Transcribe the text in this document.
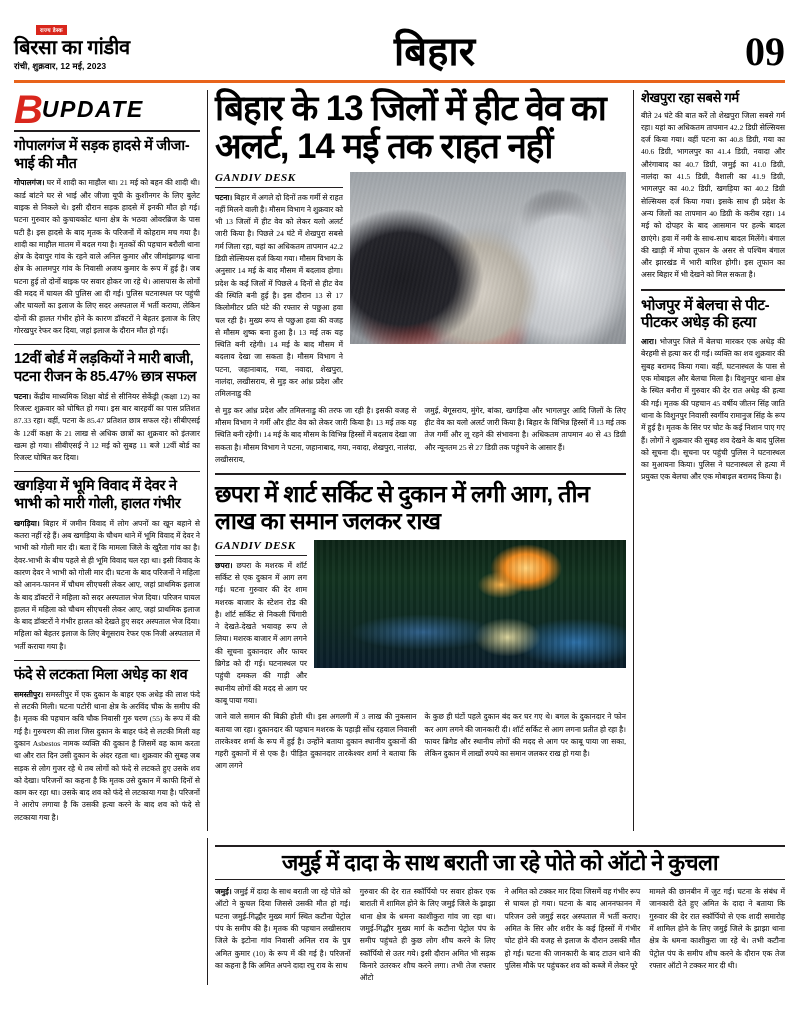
राज्य डेस्क
बिरसा का गांडीव
रांची, शुक्रवार, 12 मई, 2023	बिहार	09
B UPDATE
गोपालगंज में सड़क हादसे में जीजा-भाई की मौत

गोपालगंज। घर में शादी का माहौल था। 21 मई को बहन की शादी थी। कार्ड बांटने घर से भाई और जीजा यूपी के कुशीनगर के लिए बुलेट बाइक से निकले थे। इसी दौरान सड़क हादसे में इनकी मौत हो गई। घटना गुरुवार को कुचायकोट थाना क्षेत्र के भठवा ओवरब्रिज के पास घटी है। इस हादसे के बाद मृतक के परिजनों में कोहराम मच गया है। शादी का माहौल मातम में बदल गया है। मृतकों की पहचान बरौली थाना क्षेत्र के देवापुर गांव के रहने वाले अनिल कुमार और जीमांझागढ़ थाना क्षेत्र के आलमपुर गांव के निवासी अजय कुमार के रूप में हुई है। जब घटना हुई तो दोनों बाइक पर सवार होकर जा रहे थे। आसपास के लोगों की मदद में घायल की पुलिस आ दी गई। पुलिस घटनास्थल पर पहुंची और घायलों का इलाज के लिए सदर अस्पताल में भर्ती कराया, लेकिन दोनों की हालत गंभीर होने के कारण डॉक्टरों ने बेहतर इलाज के लिए गोरखपुर रेफर कर दिया, जहां इलाज के दौरान मौत हो गई।

12वीं बोर्ड में लड़कियों ने मारी बाजी, पटना रीजन के 85.47% छात्र सफल

पटना। केंद्रीय माध्यमिक शिक्षा बोर्ड से सीनियर सेकेंड्री (कक्षा 12) का रिजल्ट शुक्रवार को घोषित हो गया। इस बार बारहवीं का पास प्रतिशत 87.33 रहा। वहीं, पटना के 85.47 प्रतिशत छात्र सफल रहे। सीबीएसई के 12वीं कक्षा के 21 लाख से अधिक छात्रों का शुक्रवार को इंतजार खत्म हो गया। सीबीएसई ने 12 मई को सुबह 11 बजे 12वीं बोर्ड का रिजल्ट घोषित कर दिया।

खगड़िया में भूमि विवाद में देवर ने भाभी को मारी गोली, हालत गंभीर

खगड़िया। बिहार में जमीन विवाद में लोग अपनों का खून बहाने से कतरा नहीं रहे हैं। अब खगड़िया के चौथम थाने में भूमि विवाद में देवर ने भाभी को गोली मार दी। बता दें कि मामला जिले के खुरैता गांव का है। देवर-भाभी के बीच पहले से ही भूमि विवाद चल रहा था। इसी विवाद के कारण देवर ने भाभी को गोली मार दी। घटना के बाद परिजनों ने महिला को आनन-फानन में चौथम सीएचसी लेकर आए, जहां प्राथमिक इलाज के बाद डॉक्टरों ने महिला को सदर अस्पताल भेज दिया। परिजन घायल हालत में महिला को चौथम सीएचसी लेकर आए, जहां प्राथमिक इलाज के बाद डॉक्टरों ने गंभीर हालत को देखते हुए सदर अस्पताल भेज दिया। महिला को बेहतर इलाज के लिए बेगूसराय रेफर एक निजी अस्पताल में भर्ती कराया गया है।

फंदे से लटकता मिला अधेड़ का शव

समस्तीपुर। समस्तीपुर में एक दुकान के बाहर एक अधेड़ की लाश फंदे से लटकी मिली। घटना पटोरी थाना क्षेत्र के अरविंद चौक के समीप की है। मृतक की पहचान कवि चौक निवासी गुरु चरण (55) के रूप में की गई है। गुरुचरण की लाश जिस दुकान के बाहर फंदे से लटकी मिली वह दुकान Asbestos नामक व्यक्ति की दुकान है जिसमें वह काम करता था और रात दिन उसी दुकान के अंदर रहता था। शुक्रवार की सुबह जब सड़क से लोग गुजर रहे थे तब लोगों को फंदे से लटकते हुए उसके शव को देखा। परिजनों का कहना है कि मृतक उसे दुकान में काफी दिनों से काम कर रहा था। उसके बाद शव को फंदे से लटकाया गया है। परिजनों ने आरोप लगाया है कि उसकी हत्या करने के बाद शव को फंदे से लटकाया गया है।

बिहार के 13 जिलों में हीट वेव का अलर्ट, 14 मई तक राहत नहीं
GANDIV DESK

पटना। बिहार में अगले दो दिनों तक गर्मी से राहत नहीं मिलने वाली है। मौसम विभाग ने शुक्रवार को भी 13 जिलों में हीट वेव को लेकर यलो अलर्ट जारी किया है। पिछले 24 घंटे में शेखपुरा सबसे गर्म जिला रहा, यहां का अधिकतम तापमान 42.2 डिग्री सेल्सियस दर्ज किया गया। मौसम विभाग के अनुसार 14 मई के बाद मौसम में बदलाव होगा। प्रदेश के कई जिलों में पिछले 4 दिनों से हीट वेव की स्थिति बनी हुई है। इस दौरान 13 से 17 किलोमीटर प्रति घंटे की रफ्तार से पछुआ हवा चल रही है। मुख्य रूप से पछुआ हवा की वजह से मौसम शुष्क बना हुआ है। 13 मई तक यह स्थिति बनी रहेगी। 14 मई के बाद मौसम में बदलाव देखा जा सकता है। मौसम विभाग ने पटना, जहानाबाद, गया, नवादा, शेखपुरा, नालंदा, लखीसराय, से मुड़ कर आंध्र प्रदेश और तमिलनाडु की

से मुड़ कर आंध्र प्रदेश और तमिलनाडु की तरफ जा रही है। इसकी वजह से मौसम विभाग ने गर्मी और हीट वेव को लेकर जारी किया है। 13 मई तक यह स्थिति बनी रहेगी। 14 मई के बाद मौसम के विभिन्न हिस्सों में बदलाव देखा जा सकता है। मौसम विभाग ने पटना, जहानाबाद, गया, नवादा, शेखपुरा, नालंदा, लखीसराय,

जमुई, बेगूसराय, मुंगेर, बांका, खगड़िया और भागलपुर आदि जिलों के लिए हीट वेव का यलो अलर्ट जारी किया है। बिहार के विभिन्न हिस्सों में 13 मई तक तेज गर्मी और लू रहने की संभावना है। अधिकतम तापमान 40 से 43 डिग्री और न्यूनतम 25 से 27 डिग्री तक पहुंचने के आसार हैं।

छपरा में शार्ट सर्किट से दुकान में लगी आग, तीन लाख का समान जलकर राख
GANDIV DESK

छपरा। छपरा के मशरक में शॉर्ट सर्किट से एक दुकान में आग लग गई। घटना गुरुवार की देर शाम मशरक बाजार के स्टेशन रोड की है। शॉर्ट सर्किट से निकली चिंगारी ने देखते-देखते भयावह रूप ले लिया। मशरक बाजार में आग लगने की सूचना दुकानदार और फायर ब्रिगेड को दी गई। घटनास्थल पर पहुंची दमकल की गाड़ी और स्थानीय लोगों की मदद से आग पर काबू पाया गया।

जाने वाले समान की बिक्री होती थी। इस अगलगी में 3 लाख की नुकसान बताया जा रहा। दुकानदार की पहचान मशरक के पहाड़ी सोंध रहवाल निवासी तारकेश्वर शर्मा के रूप में हुई है। उन्होंने बताया दुकान स्थानीय दुकानों की गहरी दुकानों में से एक है। पीड़ित दुकानदार तारकेश्वर शर्मा ने बताया कि आग लगने

के कुछ ही घंटों पहले दुकान बंद कर घर गए थे। बगल के दुकानदार ने फोन कर आग लगने की जानकारी दी। शॉर्ट सर्किट से आग लगना प्रतीत हो रहा है। फायर ब्रिगेड और स्थानीय लोगों की मदद से आग पर काबू पाया जा सका, लेकिन दुकान में लाखों रुपये का समान जलकर राख हो गया है।

शेखपुरा रहा सबसे गर्म

बीते 24 घंटे की बात करें तो शेखपुरा जिला सबसे गर्म रहा। यहां का अधिकतम तापमान 42.2 डिग्री सेल्सियस दर्ज किया गया। वहीं पटना का 40.8 डिग्री, गया का 40.6 डिग्री, भागलपुर का 41.4 डिग्री, नवादा और औरंगाबाद का 40.7 डिग्री, जमुई का 41.0 डिग्री, नालंदा का 41.5 डिग्री, वैशाली का 41.9 डिग्री, भागलपुर का 40.2 डिग्री, खगड़िया का 40.2 डिग्री सेल्सियस दर्ज किया गया। इसके साथ ही प्रदेश के अन्य जिलों का तापमान 40 डिग्री के करीब रहा। 14 मई को दोपहर के बाद आसमान पर हल्के बादल छाएंगे। हवा में नमी के साथ-साथ बादल मिलेंगे। बंगाल की खाड़ी में मोचा तूफान के असर से पश्चिम बंगाल और झारखंड में भारी बारिश होगी। इस तूफान का असर बिहार में भी देखने को मिल सकता है।

भोजपुर में बेलचा से पीट-पीटकर अधेड़ की हत्या

आरा। भोजपुर जिले में बेलचा मारकर एक अधेड़ की बेरहमी से हत्या कर दी गई। व्यक्ति का शव शुक्रवार की सुबह बरामद किया गया। वहीं, घटनास्थल के पास से एक मोबाइल और बेलचा मिला है। विशुनपुर थाना क्षेत्र के स्थित बनौरा में गुरुवार की देर रात अधेड़ की हत्या की गई। मृतक की पहचान 45 वर्षीय जीतन सिंह जाति थाना के विशुनपुर निवासी स्वर्गीय रामानुज सिंह के रूप में हुई है। मृतक के सिर पर चोट के कई निशान पाए गए हैं। लोगों ने शुक्रवार की सुबह शव देखने के बाद पुलिस को सूचना दी। सूचना पर पहुंची पुलिस ने घटनास्थल का मुआयना किया। पुलिस ने घटनास्थल से हत्या में प्रयुक्त एक बेलचा और एक मोबाइल बरामद किया है।

जमुई में दादा के साथ बराती जा रहे पोते को ऑटो ने कुचला

जमुई। जमुई में दादा के साथ बराती जा रहे पोते को ऑटो ने कुचल दिया जिससे उसकी मौत हो गई। घटना जमुई-गिद्धौर मुख्य मार्ग स्थित कटौना पेट्रोल पंप के समीप की है। मृतक की पहचान लखीसराय जिले के इटोना गांव निवासी अनिल राव के पुत्र अमित कुमार (10) के रूप में की गई है। परिजनों का कहना है कि अमित अपने दादा रघु राव के साथ

गुरुवार की देर रात स्कॉर्पियो पर सवार होकर एक बाराती में शामिल होने के लिए जमुई जिले के झाझा थाना क्षेत्र के धमना काशीकुरा गांव जा रहा था। जमुई-गिद्धौर मुख्य मार्ग के कटौना पेट्रोल पंप के समीप पहुंचते ही कुछ लोग शौच करने के लिए स्कॉर्पियो से उतर गये। इसी दौरान अमित भी सड़क किनारे उतरकर शौच करने लगा। तभी तेज रफ्तार ऑटो

ने अमित को टक्कर मार दिया जिसमें वह गंभीर रूप से घायल हो गया। घटना के बाद आननफानन में परिजन उसे जमुई सदर अस्पताल में भर्ती कराए। अमित के सिर और शरीर के कई हिस्सों में गंभीर चोट होने की वजह से इलाज के दौरान उसकी मौत हो गई। घटना की जानकारी के बाद टाउन थाने की पुलिस मौके पर पहुंचकर शव को कब्जे में लेकर पूरे

मामले की छानबीन में जुट गई। घटना के संबंध में जानकारी देते हुए अमित के दादा ने बताया कि गुरुवार की देर रात स्कॉर्पियो से एक शादी समारोह में शामिल होने के लिए जमुई जिले के झाझा थाना क्षेत्र के धमना काशीकुरा जा रहे थे। तभी कटौना पेट्रोल पंप के समीप शौच करने के दौरान एक तेज रफ्तार ऑटो ने टक्कर मार दी थी।
